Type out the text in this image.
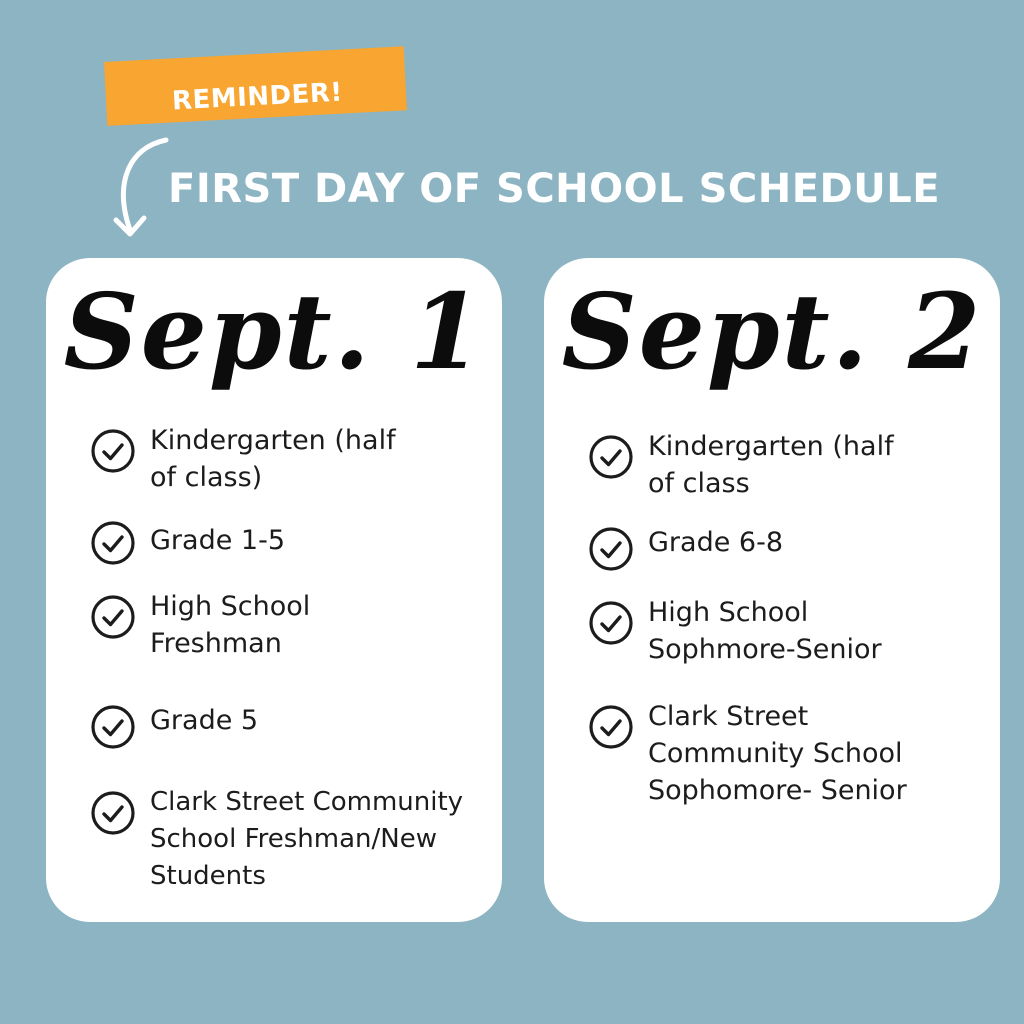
REMINDER!
FIRST DAY OF SCHOOL SCHEDULE
Sept. 1
Kindergarten (half of class)
Grade 1-5
High School Freshman
Grade 5
Clark Street Community School Freshman/New Students
Sept. 2
Kindergarten (half of class
Grade 6-8
High School Sophmore-Senior
Clark Street Community School Sophomore- Senior
